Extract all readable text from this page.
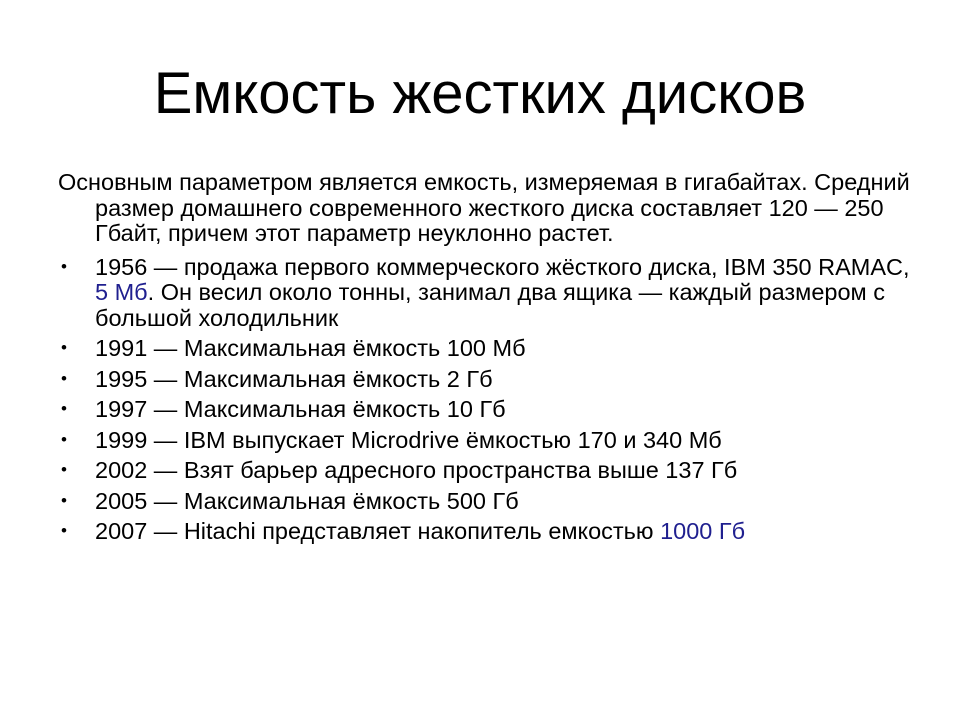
Емкость жестких дисков

Основным параметром является емкость, измеряемая в гигабайтах. Средний размер домашнего современного жесткого диска составляет 120 — 250 Гбайт, причем этот параметр неуклонно растет.

• 1956 — продажа первого коммерческого жёсткого диска, IBM 350 RAMAC, 5 Мб. Он весил около тонны, занимал два ящика — каждый размером с большой холодильник
• 1991 — Максимальная ёмкость 100 Мб
• 1995 — Максимальная ёмкость 2 Гб
• 1997 — Максимальная ёмкость 10 Гб
• 1999 — IBM выпускает Microdrive ёмкостью 170 и 340 Мб
• 2002 — Взят барьер адресного пространства выше 137 Гб
• 2005 — Максимальная ёмкость 500 Гб
• 2007 — Hitachi представляет накопитель емкостью 1000 Гб
